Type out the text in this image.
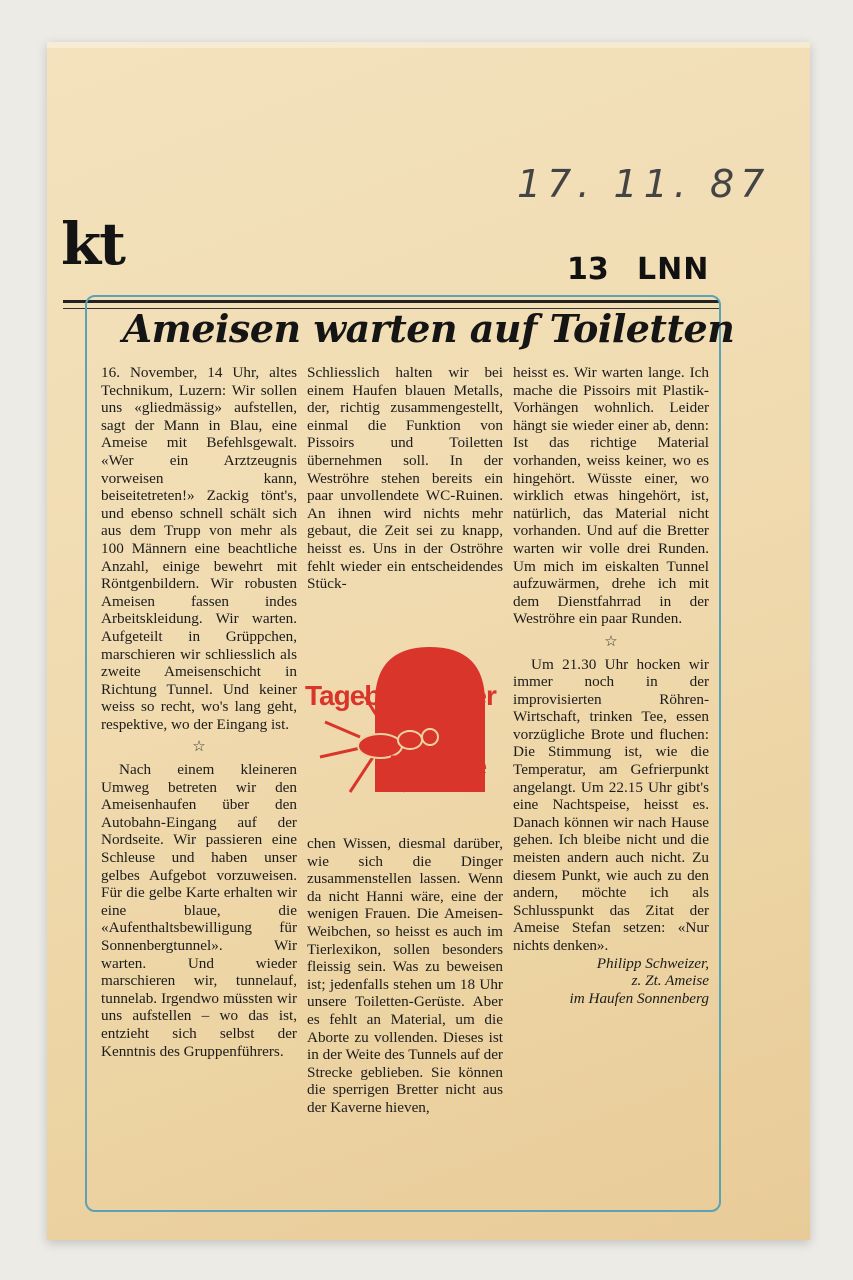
17. 11. 87
kt	13 LNN
Ameisen warten auf Toiletten

16. November, 14 Uhr, altes Technikum, Luzern: Wir sollen uns «gliedmässig» aufstellen, sagt der Mann in Blau, eine Ameise mit Befehlsgewalt. «Wer ein Arztzeugnis vorweisen kann, beiseitetreten!» Zackig tönt's, und ebenso schnell schält sich aus dem Trupp von mehr als 100 Männern eine beachtliche Anzahl, einige bewehrt mit Röntgenbildern. Wir robusten Ameisen fassen indes Arbeitskleidung. Wir warten. Aufgeteilt in Grüppchen, marschieren wir schliesslich als zweite Ameisenschicht in Richtung Tunnel. Und keiner weiss so recht, wo's lang geht, respektive, wo der Eingang ist.

☆

Nach einem kleineren Umweg betreten wir den Ameisenhaufen über den Autobahn-Eingang auf der Nordseite. Wir passieren eine Schleuse und haben unser gelbes Aufgebot vorzuweisen. Für die gelbe Karte erhalten wir eine blaue, die «Aufenthaltsbewilligung für Sonnenbergtunnel». Wir warten. Und wieder marschieren wir, tunnelauf, tunnelab. Irgendwo müssten wir uns aufstellen – wo das ist, entzieht sich selbst der Kenntnis des Gruppenführers.

Schliesslich halten wir bei einem Haufen blauen Metalls, der, richtig zusammengestellt, einmal die Funktion von Pissoirs und Toiletten übernehmen soll. In der Weströhre stehen bereits ein paar unvollendete WC-Ruinen. An ihnen wird nichts mehr gebaut, die Zeit sei zu knapp, heisst es. Uns in der Oströhre fehlt wieder ein entscheidendes Stück-

Tagebuch einer
Ameise

chen Wissen, diesmal darüber, wie sich die Dinger zusammenstellen lassen. Wenn da nicht Hanni wäre, eine der wenigen Frauen. Die Ameisen-Weibchen, so heisst es auch im Tierlexikon, sollen besonders fleissig sein. Was zu beweisen ist; jedenfalls stehen um 18 Uhr unsere Toiletten-Gerüste. Aber es fehlt an Material, um die Aborte zu vollenden. Dieses ist in der Weite des Tunnels auf der Strecke geblieben. Sie können die sperrigen Bretter nicht aus der Kaverne hieven,

heisst es. Wir warten lange. Ich mache die Pissoirs mit Plastik-Vorhängen wohnlich. Leider hängt sie wieder einer ab, denn: Ist das richtige Material vorhanden, weiss keiner, wo es hingehört. Wüsste einer, wo wirklich etwas hingehört, ist, natürlich, das Material nicht vorhanden. Und auf die Bretter warten wir volle drei Runden. Um mich im eiskalten Tunnel aufzuwärmen, drehe ich mit dem Dienstfahrrad in der Weströhre ein paar Runden.

☆

Um 21.30 Uhr hocken wir immer noch in der improvisierten Röhren-Wirtschaft, trinken Tee, essen vorzügliche Brote und fluchen: Die Stimmung ist, wie die Temperatur, am Gefrierpunkt angelangt. Um 22.15 Uhr gibt's eine Nachtspeise, heisst es. Danach können wir nach Hause gehen. Ich bleibe nicht und die meisten andern auch nicht. Zu diesem Punkt, wie auch zu den andern, möchte ich als Schlusspunkt das Zitat der Ameise Stefan setzen: «Nur nichts denken».

Philipp Schweizer,
z. Zt. Ameise
im Haufen Sonnenberg
